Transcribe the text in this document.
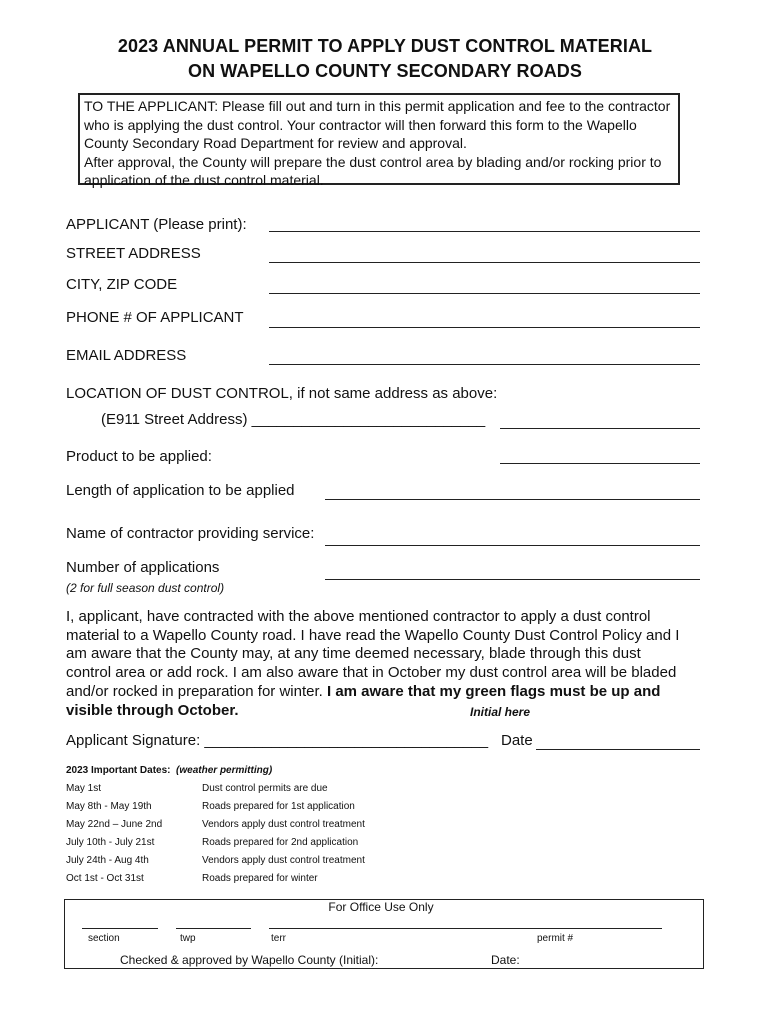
2023 ANNUAL PERMIT TO APPLY DUST CONTROL MATERIAL
ON WAPELLO COUNTY SECONDARY ROADS

TO THE APPLICANT: Please fill out and turn in this permit application and fee to the contractor who is applying the dust control. Your contractor will then forward this form to the Wapello County Secondary Road Department for review and approval.

After approval, the County will prepare the dust control area by blading and/or rocking prior to application of the dust control material.

APPLICANT (Please print):
STREET ADDRESS
CITY, ZIP CODE
PHONE # OF APPLICANT
EMAIL ADDRESS
LOCATION OF DUST CONTROL, if not same address as above:
(E911 Street Address) ____________________________
Product to be applied:
Length of application to be applied
Name of contractor providing service:
Number of applications
(2 for full season dust control)
I, applicant, have contracted with the above mentioned contractor to apply a dust control material to a Wapello County road. I have read the Wapello County Dust Control Policy and I am aware that the County may, at any time deemed necessary, blade through this dust control area or add rock. I am also aware that in October my dust control area will be bladed and/or rocked in preparation for winter. I am aware that my green flags must be up and visible through October.	Initial here
Applicant Signature: __________________________________ Date
2023 Important Dates: (weather permitting)
May 1st	Dust control permits are due
May 8th - May 19th	Roads prepared for 1st application
May 22nd – June 2nd	Vendors apply dust control treatment
July 10th - July 21st	Roads prepared for 2nd application
July 24th - Aug 4th	Vendors apply dust control treatment
Oct 1st - Oct 31st	Roads prepared for winter
For Office Use Only
section	twp	terr	permit #
Checked & approved by Wapello County (Initial):	Date:
